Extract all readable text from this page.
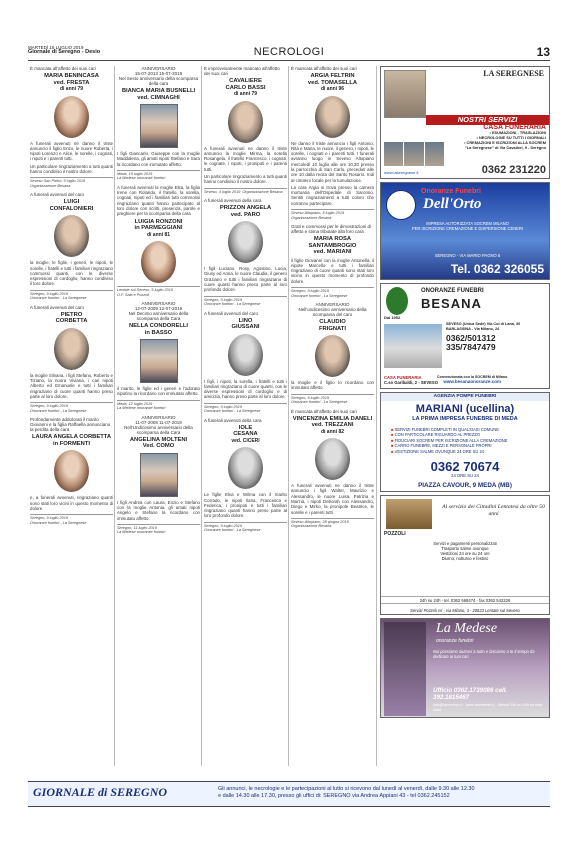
MARTEDÌ 16 LUGLIO 2019
Giornale di Seregno - Desio	NECROLOGI	13
È mancata all'affetto dei suoi cari
MARIA BENINCASA
ved. FRESTA
di anni 79
A funerali avvenuti ne danno il triste annuncio il figlio Enzo, le nuore Roberta, i nipoti Lorenzo e Alice, le sorelle, i cognati, i nipoti e i parenti tutti.
Un particolare ringraziamento a tutti quanti hanno condiviso il nostro dolore.
Seveso San Pietro, 9 luglio 2019Organizzazione Besana
A funerali avvenuti del caro
LUIGI
CONFALONIERI
la moglie, le figlie, i generi, le nipoti, le sorelle, i fratelli e tutti i familiari ringraziano commossi quanti, con le diverse espressioni di cordoglio, hanno condiviso il loro dolore.
Seregno, 9 luglio 2019Onoranze funebri - La Seregnese
A funerali avvenuti del caro
PIETRO
CORBETTA
la moglie Silvana, i figli Stefano, Roberto e Tiziano, la nuora Viviana, i cari nipoti Alberto ed Emanuele e tutti i familiari ringraziano di cuore quanti hanno preso parte al loro dolore.
Seregno, 9 luglio 2019Onoranze funebri - La Seregnese
Profondamente addolorati il marito Giovanni e la figlia Raffaella annunciano la perdita della cara
LAURA ANGELA CORBETTA
in FORMENTI
e, a funerali avvenuti, ringraziano quanti sono stati loro vicini in questo momento di dolore.
Seregno, 9 luglio 2019Onoranze funebri - La Seregnese
ANNIVERSARIO
15-07-2013 15-07-2019
Nel Sesto anniversario della scomparsa della cara
BIANCA MARIA BUSNELLI
ved. CIMNAGHI
I figli Giancarlo, Giuseppe con la moglie Maddalena, gli amati nipoti Stefano e Sara la ricordano con immutato affetto.
Meda, 15 luglio 2019La Medese onoranze funebri
A funerali avvenuti la moglie Elsa, la figlia Irene con Rolando, il fratello, la sorella, cognati, nipoti ed i familiari tutti commossi ringraziano quanti hanno partecipato al loro dolore con scritti, presenza, parole e preghiere per la scomparsa della cara
LUIGIA RONZONI
in PARMEGGIANI
di anni 81
Lentate sul Seveso, 5 luglio 2019O.F. Sala e Pozzoli
ANNIVERSARIO
12-07-2009 12-07-2019
Nel Decimo anniversario della scomparsa della Cara
NELLA CONDORELLI
in BASSO
il marito, le figlie ed i generi e l'adorato nipotino la ricordano con immutato affetto.
Meda, 12 luglio 2019La Medese onoranze funebri
ANNIVERSARIO
11-07-2008 11-07-2019
Nell'Undicesimo anniversario della scomparsa della Cara
ANGELINA MOLTENI
Ved. COMO
I figli Andrea con Laura, Enzio e Stefano con la moglie Antonia, gli amati nipoti Angelo e Stefano la ricordano con immutato affetto.
Seregno, 11 luglio 2019La Medese onoranze funebri
È improvvisamente mancato all'affetto dei suoi cari
CAVALIERE
CARLO BASSI
di anni 79
A funerali avvenuti ne danno il triste annuncio la moglie Mirma, la sorella Rosangela, il fratello Francesco, i cognati, le cognate, i nipoti, i pronipoti e i parenti tutti.
Un particolare ringraziamento a tutti quanti hanno condiviso il nostro dolore.
Seveso, 4 luglio 2019 Organizzazione Besana
A funerali avvenuti della cara
PRIZZON ANGELA
ved. PARO
I figli Luciano, Rosy, Agostino, Lucia, Giusy ed Anna, le nuore Claudia, il genero Graziano e tutti i familiari ringraziano di cuore quanti hanno preso parte al loro profondo dolore.
Seregno, 9 luglio 2019Onoranze funebri - La Seregnese
A funerali avvenuti del caro
LINO
GIUSSANI
I figli, i nipoti, la sorella, i fratelli e tutti i familiari ringraziano di cuore quanti, con le diverse espressioni di cordoglio e di amicizia, hanno preso parte al loro dolore.
Seregno, 9 luglio 2019Onoranze funebri - La Seregnese
A funerali avvenuti della cara
IOLE
CESANA
ved. CICERI
Le figlie Elva e Wilma con il marito Corrado, le nipoti Ilaria, Francesca e Federica, i pronipoti e tutti i familiari ringraziano quanti hanno preso parte al loro profondo dolore.
Seregno, 9 luglio 2019Onoranze funebri - La Seregnese
È mancata all'affetto dei suoi cari
ARGIA FELTRIN
ved. TOMASELLA
di anni 96
Ne danno il triste annuncio i figli Antonio, Rita e Maria, le nuore, il genero, i nipoti, le sorelle, i cognati e i parenti tutti. I funerali avranno luogo in Seveso Altopiano mercoledì 10 luglio alle ore 10,30 presso la parrocchia di San Carlo, preceduti alle ore 10 dalla recita del Santo Rosario. Indi al cimitero locale per la tumulazione.
La cara Argia si trova presso la camera mortuaria dell'Ospedale di Saronno. Sentiti ringraziamenti a tutti coloro che vorranno partecipare.
Seveso Altopiano, 8 luglio 2019Organizzazione Besana
Grati e commossi per le dimostrazioni di affetto e stima tributate alla loro cara
MARIA ROSA SANTAMBROGIO
ved. MARIANI
il figlio Giovanni con la moglie Antonella, il nipote Marcello e tutti i familiari ringraziano di cuore quanti sono stati loro vicino in questo momento di profondo dolore.
Seregno, 9 luglio 2019Onoranze funebri - La Seregnese
ANNIVERSARIO
Nell'undicesimo anniversario della scomparsa del caro
CLAUDIO
FRIGNATI
la moglie e il figlio lo ricordano con immutato affetto.
Seregno, 9 luglio 2019Onoranze funebri - La Seregnese
È mancata all'affetto dei suoi cari
VINCENZINA EMILIA DANELI
ved. TREZZANI
di anni 82
A funerali avvenuti ne danno il triste annuncio i figli Walter, Maurizio e Alessandro, le nuore Luisa, Patrizia e Marzia, i nipoti Deborah con Alessandro, Diego e Mirko, la pronipote Beatrice, le sorelle e i parenti tutti.
Seveso Altopiano, 28 giugno 2019Organizzazione Besana
LA SEREGNESE
NOSTRI SERVIZI
CASA FUNERARIA
• ESUMAZIONI - TRASLAZIONI
• NECROLOGIE SU TUTTI I GIORNALI
• CREMAZIONI E ISCRIZIONI ALLA SOCREM
"La Seregnese" di Via Cavalieri, 9 - Seregno
www.laseregnese.it	0362 231220
Onoranze Funebri
Dell'Orto
IMPRESA AUTORIZZATA SOCREM MILANO
PER ISCRIZIONE CREMAZIONE E DISPERSIONE CENERI
SEREGNO - VIA MARIO PAGNO 5
Tel. 0362 326055
Dal 1952
ONORANZE FUNEBRI
BESANA
SEVESO (Unica Sede) Via Col di Lana, 30
BARLASSINA - Via Milano, 24
0362/501312
335/7847479
CASA FUNERARIA
C.so Garibaldi, 2 - SEVESO
Convenzionata con la SOCREM di Milano
www.besanaonoranze.com
AGENZIA POMPE FUNEBRI
MARIANI (ucellina)
LA PRIMA IMPRESA FUNEBRE DI MEDA
■ SERVIZI FUNEBRI COMPLETI IN QUALSIASI COMUNE
■ CON PARTICOLARE RIGUARDO AL PREZZO
■ FIDUCIARI SOCREM PER ISCRIZIONE ALLA CREMAZIONE
■ CARRO FUNEBRE, MEZZI E PERSONALE PROPRI
■ VESTIZIONE SALME OVUNQUE 24 ORE SU 24
0362 70674
24 ORE SU 24
PIAZZA CAVOUR, 9 MEDA (MB)
POZZOLI
Al servizio dei Cittadini Lentatesi da oltre 50 anni
Servizi e pagamenti personalizzati
Trasporto salme ovunque
Vestizioni 24 ore su 24 ore
Diurno, notturno e festivo
24h su 24h - tel. 0362 568474 - fax 0362 542326
Servizi Pozzoli srl - via Milano, 3 - 20823 Lentate sul Seveso
La Medese
onoranze funebri
Noi possiamo aiutarvi a tutto e lasciamo a te il tempo da dedicare ai tuoi cari
Ufficio 0362.1739086 cell. 392.1815467
info@lamedese.it - www.lamedese.it - Servizi 24h su 24h su tutto Italia
GIORNALE di SEREGNO	Gli annunci, le necrologie e le partecipazioni al lutto si ricevono dal lunedì al venerdì, dalle 9.30 alle 12.30
e dalle 14.30 alle 17.30, presso gli uffici di: SEREGNO via Andrea Appiani 43 - tel 0362.245152
